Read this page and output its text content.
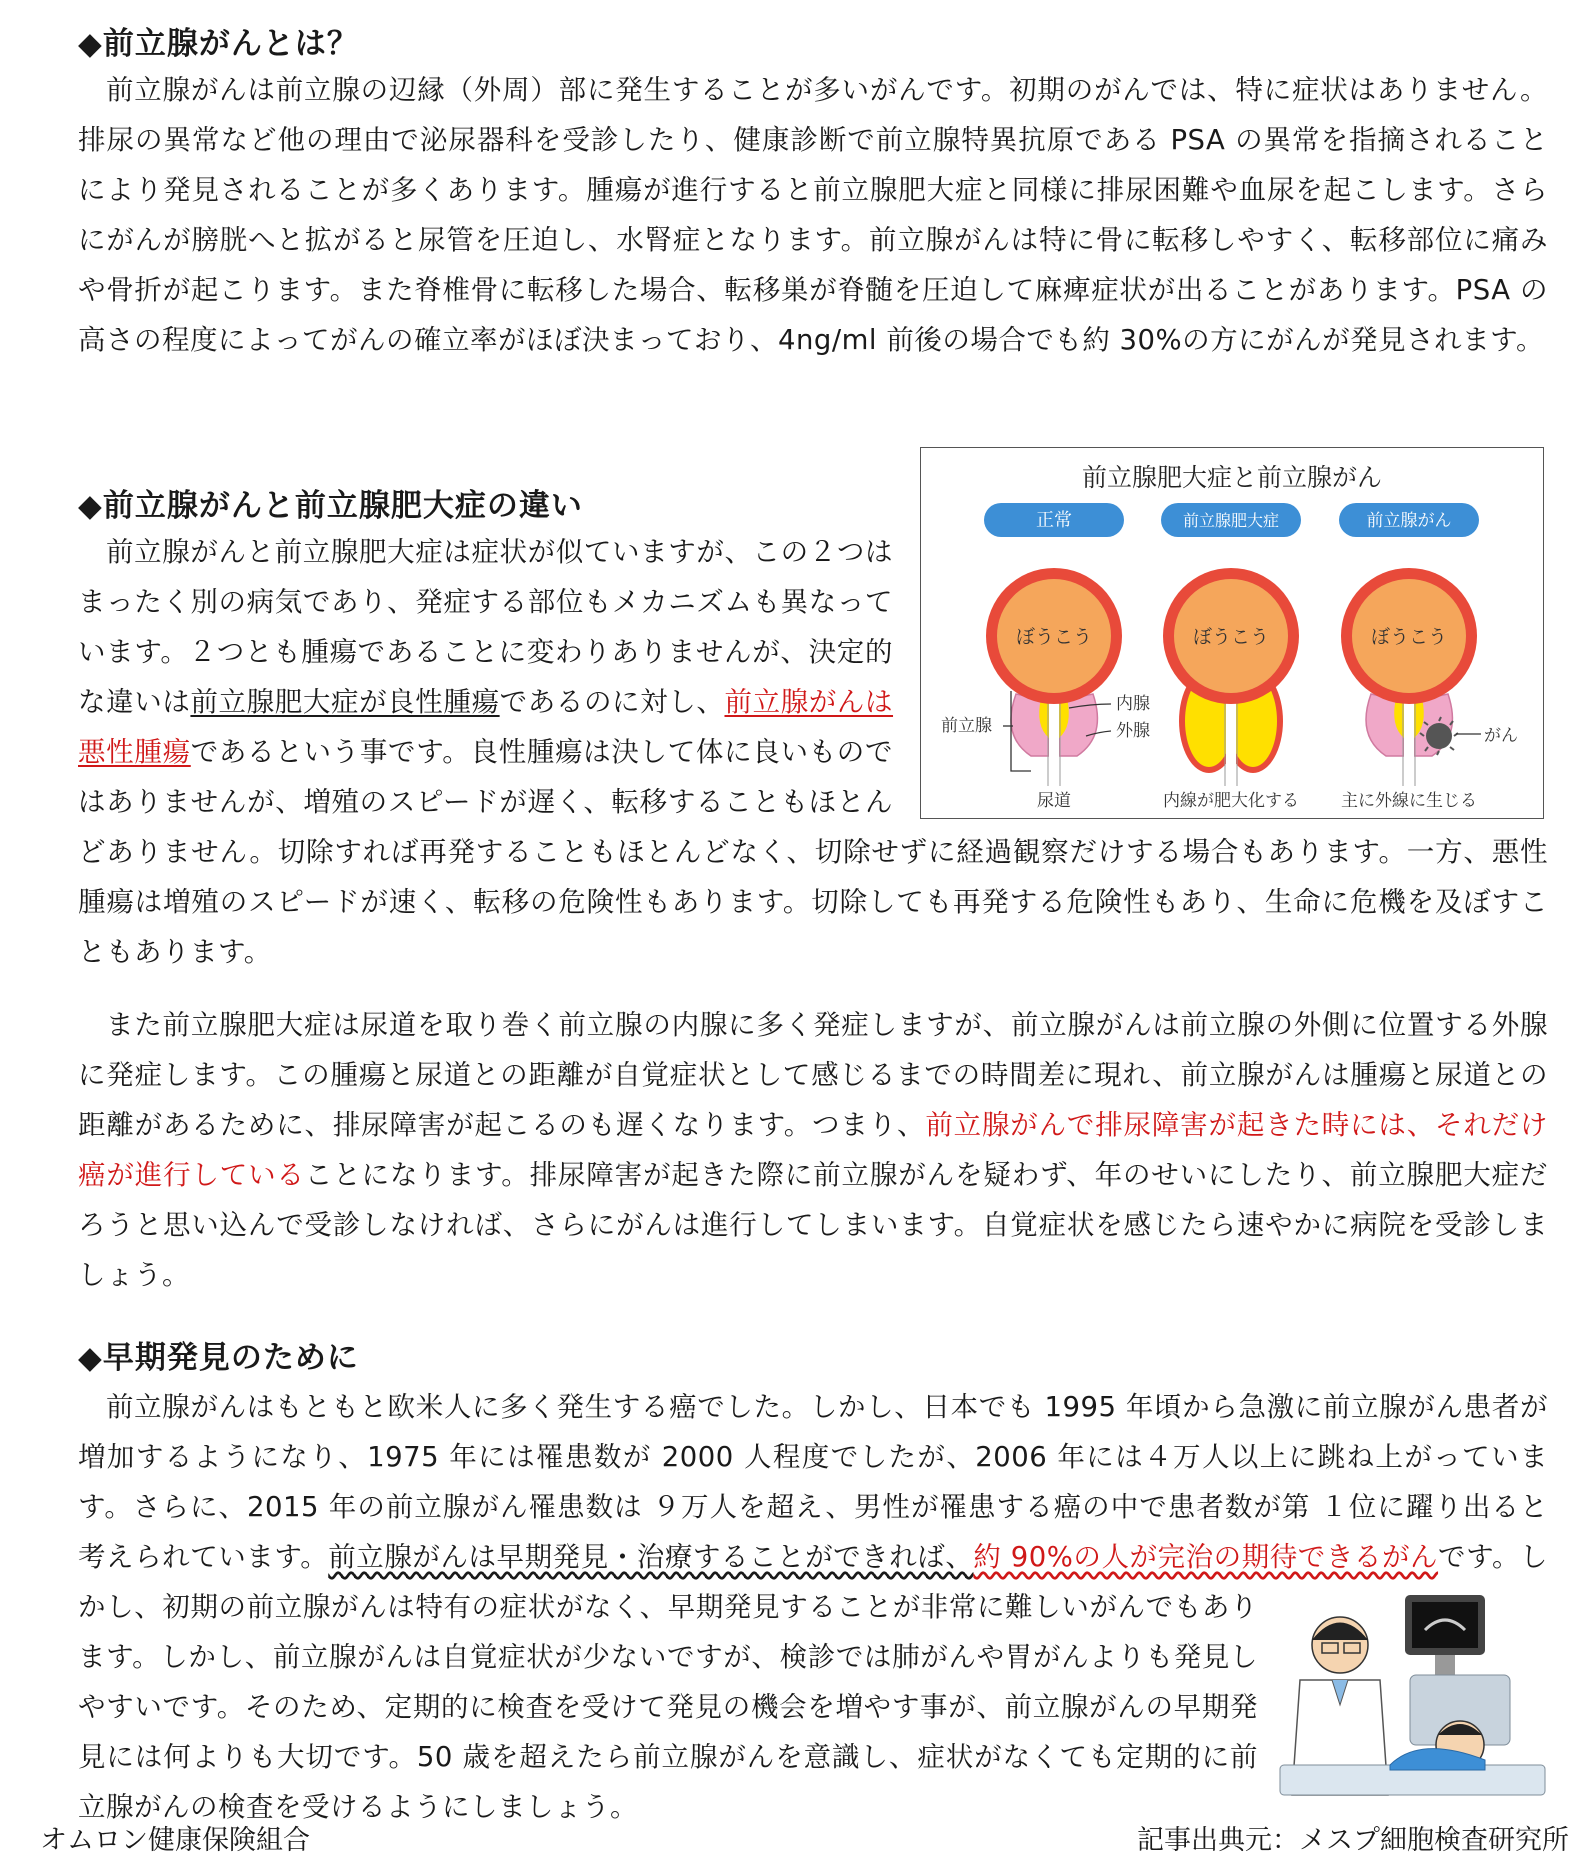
◆前立腺がんとは？
前立腺がんは前立腺の辺縁（外周）部に発生することが多いがんです。初期のがんでは、特に症状はありません。排尿の異常など他の理由で泌尿器科を受診したり、健康診断で前立腺特異抗原である PSA の異常を指摘されることにより発見されることが多くあります。腫瘍が進行すると前立腺肥大症と同様に排尿困難や血尿を起こします。さらにがんが膀胱へと拡がると尿管を圧迫し、水腎症となります。前立腺がんは特に骨に転移しやすく、転移部位に痛みや骨折が起こります。また脊椎骨に転移した場合、転移巣が脊髄を圧迫して麻痺症状が出ることがあります。PSA の高さの程度によってがんの確立率がほぼ決まっており、4ng/ml 前後の場合でも約 30%の方にがんが発見されます。
◆前立腺がんと前立腺肥大症の違い
前立腺肥大症と前立腺がん
正常	前立腺肥大症	前立腺がん
ぼうこう
尿道
前立腺
内腺
外腺
ぼうこう
内線が肥大化する
ぼうこう
がん
主に外線に生じる
前立腺がんと前立腺肥大症は症状が似ていますが、この２つはまったく別の病気であり、発症する部位もメカニズムも異なっています。２つとも腫瘍であることに変わりありませんが、決定的な違いは前立腺肥大症が良性腫瘍であるのに対し、前立腺がんは悪性腫瘍であるという事です。良性腫瘍は決して体に良いものではありませんが、増殖のスピードが遅く、転移することもほとんどありません。切除すれば再発することもほとんどなく、切除せずに経過観察だけする場合もあります。一方、悪性腫瘍は増殖のスピードが速く、転移の危険性もあります。切除しても再発する危険性もあり、生命に危機を及ぼすこともあります。
また前立腺肥大症は尿道を取り巻く前立腺の内腺に多く発症しますが、前立腺がんは前立腺の外側に位置する外腺に発症します。この腫瘍と尿道との距離が自覚症状として感じるまでの時間差に現れ、前立腺がんは腫瘍と尿道との距離があるために、排尿障害が起こるのも遅くなります。つまり、前立腺がんで排尿障害が起きた時には、それだけ癌が進行していることになります。排尿障害が起きた際に前立腺がんを疑わず、年のせいにしたり、前立腺肥大症だろうと思い込んで受診しなければ、さらにがんは進行してしまいます。自覚症状を感じたら速やかに病院を受診しましょう。
◆早期発見のために
前立腺がんはもともと欧米人に多く発生する癌でした。しかし、日本でも 1995 年頃から急激に前立腺がん患者が増加するようになり、1975 年には罹患数が 2000 人程度でしたが、2006 年には４万人以上に跳ね上がっています。さらに、2015 年の前立腺がん罹患数は ９万人を超え、男性が罹患する癌の中で患者数が第 １位に躍り出ると考えられています。前立腺がんは早期発見・治療することができれば、約 90%の人が完治の期待できるがんです。しかし、初期の前立腺がんは特有の症状がなく、早期発見することが非常に難しいがんでもあります。しかし、前立腺がんは自覚症状が少ないですが、検診では肺がんや胃がんよりも発見しやすいです。そのため、定期的に検査を受けて発見の機会を増やす事が、前立腺がんの早期発見には何よりも大切です。50 歳を超えたら前立腺がんを意識し、症状がなくても定期的に前立腺がんの検査を受けるようにしましょう。
オムロン健康保険組合	記事出典元：メスプ細胞検査研究所
